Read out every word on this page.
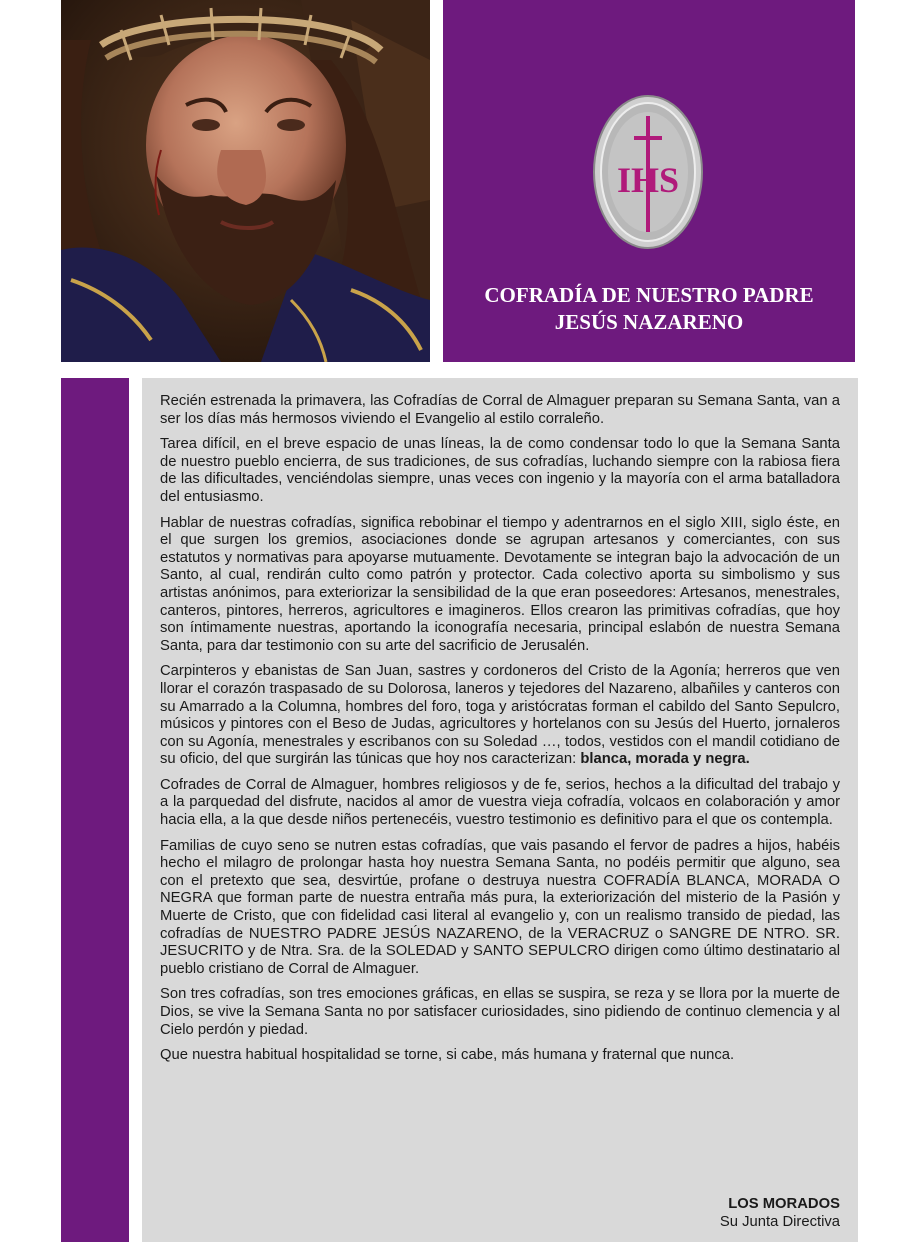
IHS
COFRADÍA DE NUESTRO PADRE
JESÚS NAZARENO

Recién estrenada la primavera, las Cofradías de Corral de Almaguer preparan su Semana Santa, van a ser los días más hermosos viviendo el Evangelio al estilo corraleño.

Tarea difícil, en el breve espacio de unas líneas, la de como condensar todo lo que la Semana Santa de nuestro pueblo encierra, de sus tradiciones, de sus cofradías, luchando siempre con la rabiosa fiera de las dificultades, venciéndolas siempre, unas veces con ingenio y la mayoría con el arma batalladora del entusiasmo.

Hablar de nuestras cofradías, significa rebobinar el tiempo y adentrarnos en el siglo XIII, siglo éste, en el que surgen los gremios, asociaciones donde se agrupan artesanos y comerciantes, con sus estatutos y normativas para apoyarse mutuamente. Devotamente se integran bajo la advocación de un Santo, al cual, rendirán culto como patrón y protector. Cada colectivo aporta su simbolismo y sus artistas anónimos, para exteriorizar la sensibilidad de la que eran poseedores: Artesanos, menestrales, canteros, pintores, herreros, agricultores e imagineros. Ellos crearon las primitivas cofradías, que hoy son íntimamente nuestras, aportando la iconografía necesaria, principal eslabón de nuestra Semana Santa, para dar testimonio con su arte del sacrificio de Jerusalén.

Carpinteros y ebanistas de San Juan, sastres y cordoneros del Cristo de la Agonía; herreros que ven llorar el corazón traspasado de su Dolorosa, laneros y tejedores del Nazareno, albañiles y canteros con su Amarrado a la Columna, hombres del foro, toga y aristócratas forman el cabildo del Santo Sepulcro, músicos y pintores con el Beso de Judas, agricultores y hortelanos con su Jesús del Huerto, jornaleros con su Agonía, menestrales y escribanos con su Soledad …, todos, vestidos con el mandil cotidiano de su oficio, del que surgirán las túnicas que hoy nos caracterizan: blanca, morada y negra.

Cofrades de Corral de Almaguer, hombres religiosos y de fe, serios, hechos a la dificultad del trabajo y a la parquedad del disfrute, nacidos al amor de vuestra vieja cofradía, volcaos en colaboración y amor hacia ella, a la que desde niños pertenecéis, vuestro testimonio es definitivo para el que os contempla.

Familias de cuyo seno se nutren estas cofradías, que vais pasando el fervor de padres a hijos, habéis hecho el milagro de prolongar hasta hoy nuestra Semana Santa, no podéis permitir que alguno, sea con el pretexto que sea, desvirtúe, profane o destruya nuestra COFRADÍA BLANCA, MORADA O NEGRA que forman parte de nuestra entraña más pura, la exteriorización del misterio de la Pasión y Muerte de Cristo, que con fidelidad casi literal al evangelio y, con un realismo transido de piedad, las cofradías de NUESTRO PADRE JESÚS NAZARENO, de la VERACRUZ o SANGRE DE NTRO. SR. JESUCRITO y de Ntra. Sra. de la SOLEDAD y SANTO SEPULCRO dirigen como último destinatario al pueblo cristiano de Corral de Almaguer.

Son tres cofradías, son tres emociones gráficas, en ellas se suspira, se reza y se llora por la muerte de Dios, se vive la Semana Santa no por satisfacer curiosidades, sino pidiendo de continuo clemencia y al Cielo perdón y piedad.

Que nuestra habitual hospitalidad se torne, si cabe, más humana y fraternal que nunca.

LOS MORADOS
Su Junta Directiva
